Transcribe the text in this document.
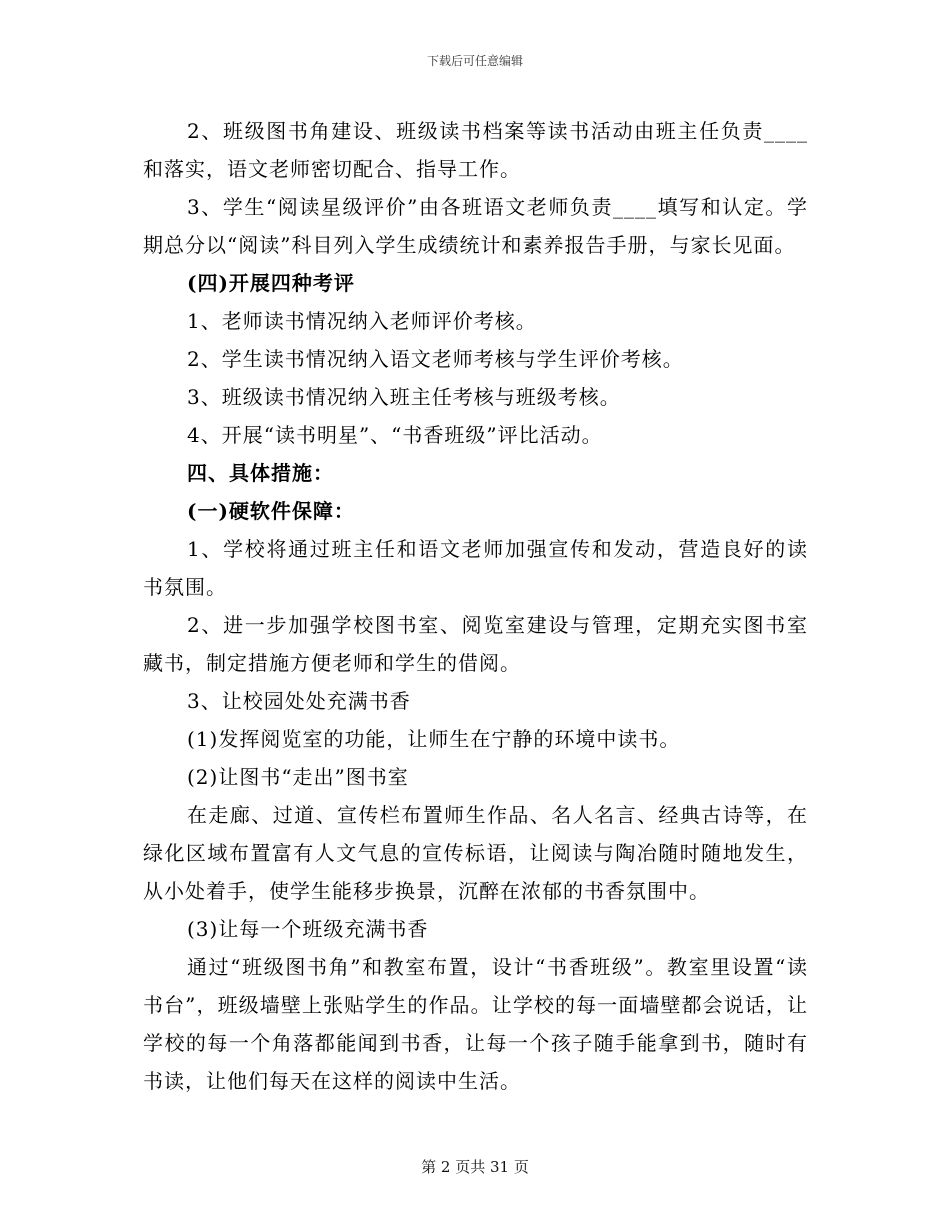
下载后可任意编辑

2、班级图书角建设、班级读书档案等读书活动由班主任负责____和落实，语文老师密切配合、指导工作。

3、学生“阅读星级评价”由各班语文老师负责____填写和认定。学期总分以“阅读”科目列入学生成绩统计和素养报告手册，与家长见面。

(四)开展四种考评

1、老师读书情况纳入老师评价考核。

2、学生读书情况纳入语文老师考核与学生评价考核。

3、班级读书情况纳入班主任考核与班级考核。

4、开展“读书明星”、“书香班级”评比活动。

四、具体措施：

(一)硬软件保障：

1、学校将通过班主任和语文老师加强宣传和发动，营造良好的读书氛围。

2、进一步加强学校图书室、阅览室建设与管理，定期充实图书室藏书，制定措施方便老师和学生的借阅。

3、让校园处处充满书香

(1)发挥阅览室的功能，让师生在宁静的环境中读书。

(2)让图书“走出”图书室

在走廊、过道、宣传栏布置师生作品、名人名言、经典古诗等，在绿化区域布置富有人文气息的宣传标语，让阅读与陶冶随时随地发生，从小处着手，使学生能移步换景，沉醉在浓郁的书香氛围中。

(3)让每一个班级充满书香

通过“班级图书角”和教室布置，设计“书香班级”。教室里设置“读书台”，班级墙壁上张贴学生的作品。让学校的每一面墙壁都会说话，让学校的每一个角落都能闻到书香，让每一个孩子随手能拿到书，随时有书读，让他们每天在这样的阅读中生活。

第 2 页共 31 页
